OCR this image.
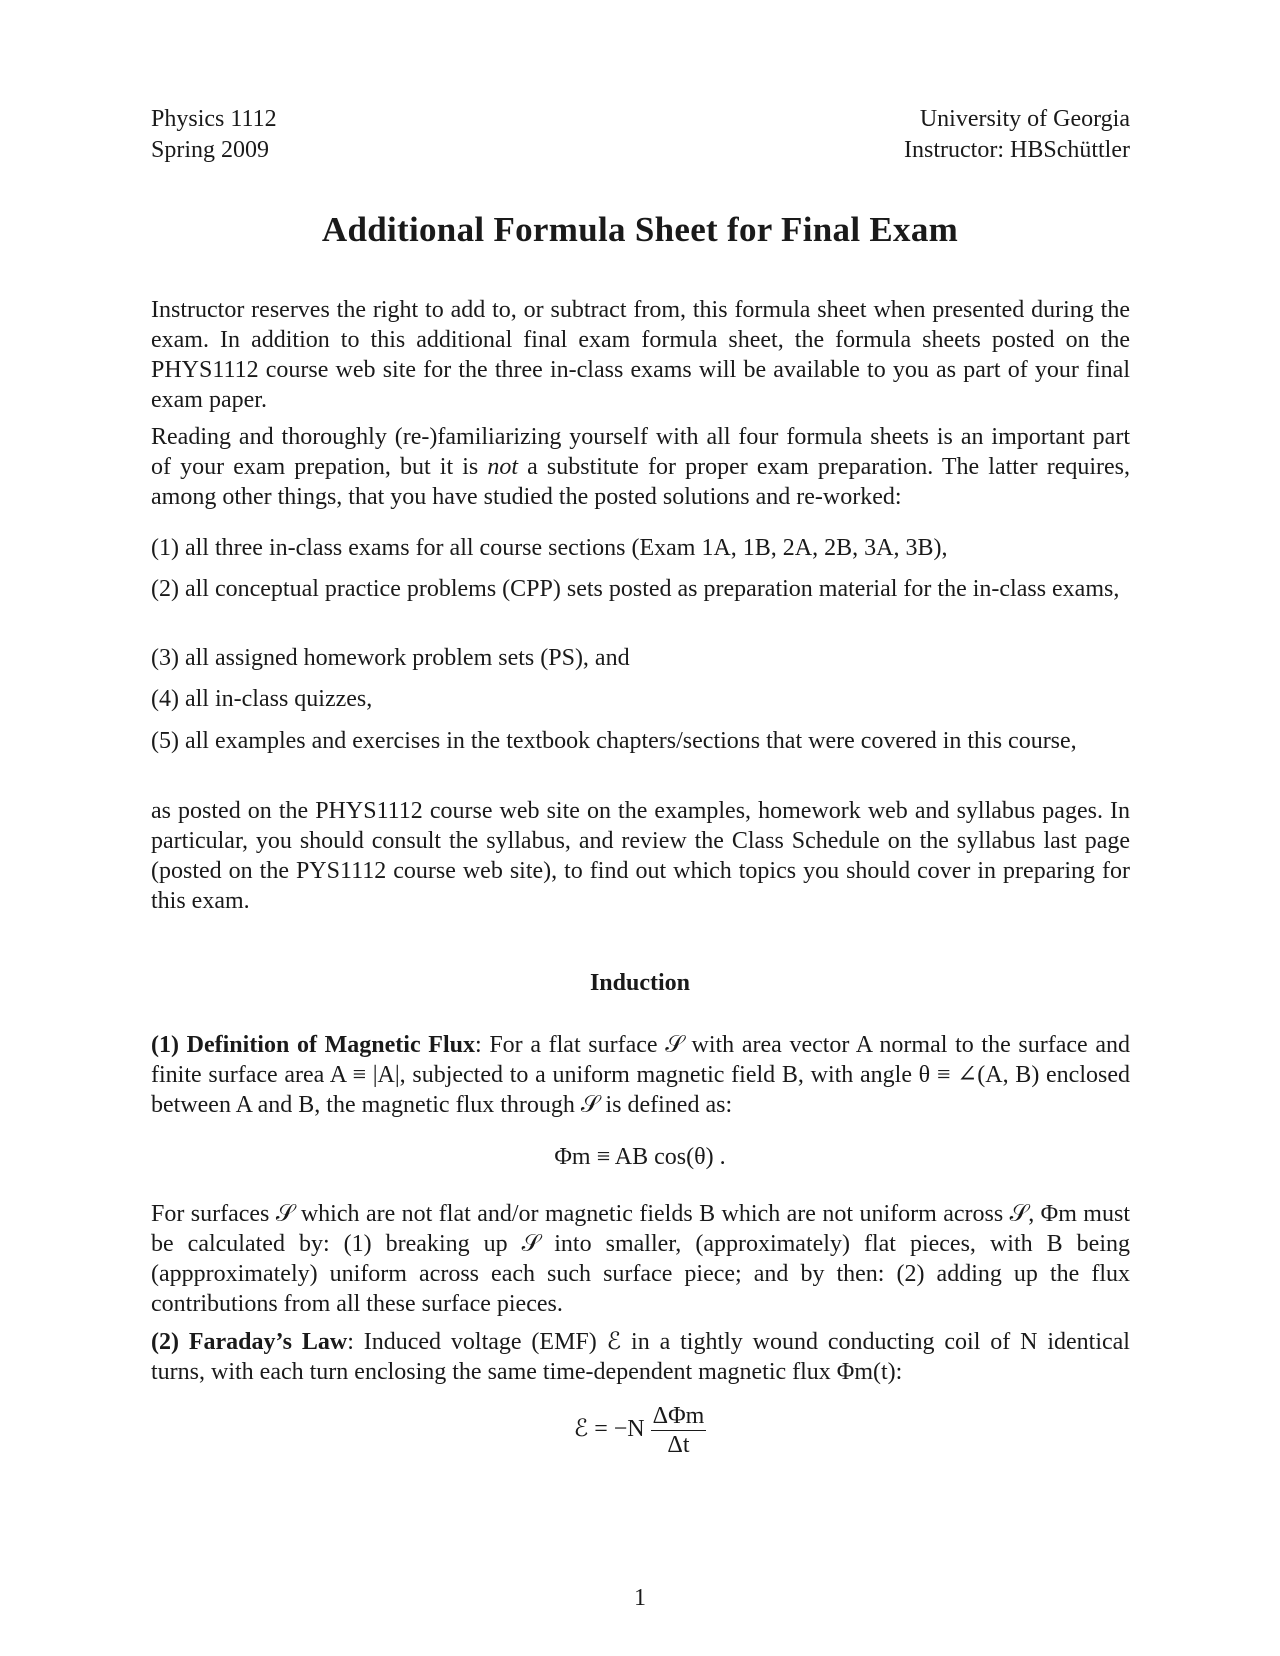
Physics 1112
Spring 2009
University of Georgia
Instructor: HBSchüttler
Additional Formula Sheet for Final Exam

Instructor reserves the right to add to, or subtract from, this formula sheet when presented during the exam. In addition to this additional final exam formula sheet, the formula sheets posted on the PHYS1112 course web site for the three in-class exams will be available to you as part of your final exam paper.

Reading and thoroughly (re-)familiarizing yourself with all four formula sheets is an important part of your exam prepation, but it is not a substitute for proper exam preparation. The latter requires, among other things, that you have studied the posted solutions and re-worked:

(1) all three in-class exams for all course sections (Exam 1A, 1B, 2A, 2B, 3A, 3B),

(2) all conceptual practice problems (CPP) sets posted as preparation material for the in-class exams,

(3) all assigned homework problem sets (PS), and

(4) all in-class quizzes,

(5) all examples and exercises in the textbook chapters/sections that were covered in this course,

as posted on the PHYS1112 course web site on the examples, homework web and syllabus pages. In particular, you should consult the syllabus, and review the Class Schedule on the syllabus last page (posted on the PYS1112 course web site), to find out which topics you should cover in preparing for this exam.

Induction

(1) Definition of Magnetic Flux: For a flat surface 𝒮 with area vector A normal to the surface and finite surface area A ≡ |A|, subjected to a uniform magnetic field B, with angle θ ≡ ∠(A, B) enclosed between A and B, the magnetic flux through 𝒮 is defined as:

Φm ≡ AB cos(θ) .

For surfaces 𝒮 which are not flat and/or magnetic fields B which are not uniform across 𝒮, Φm must be calculated by: (1) breaking up 𝒮 into smaller, (approximately) flat pieces, with B being (appproximately) uniform across each such surface piece; and by then: (2) adding up the flux contributions from all these surface pieces.

(2) Faraday’s Law: Induced voltage (EMF) ℰ in a tightly wound conducting coil of N identical turns, with each turn enclosing the same time-dependent magnetic flux Φm(t):

ℰ = $-N \frac{\text{ΔΦm}}{\Delta t}$
1
